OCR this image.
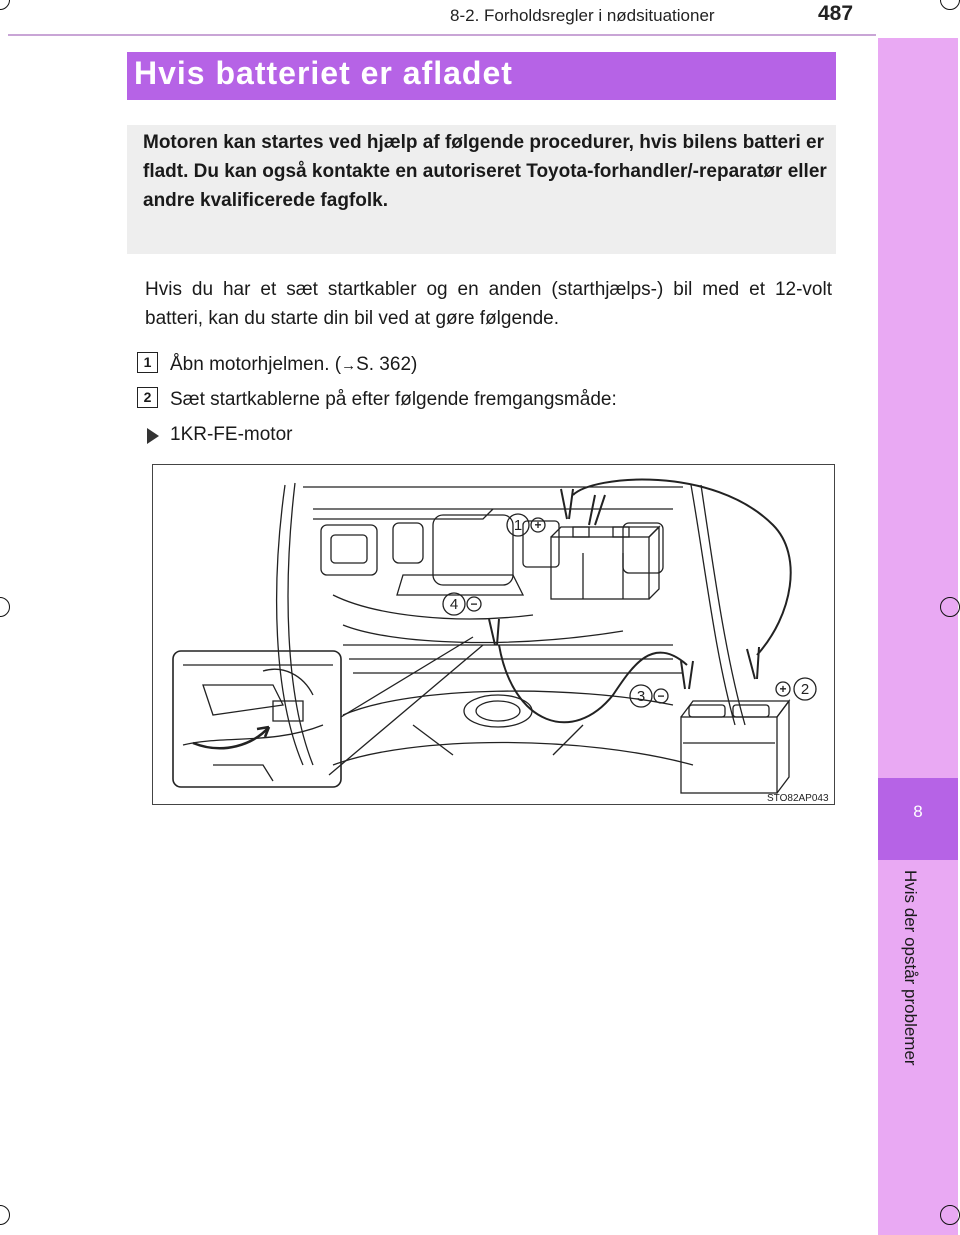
8-2. Forholdsregler i nødsituationer	487
8
Hvis der opstår problemer
Hvis batteriet er afladet
Motoren kan startes ved hjælp af følgende procedurer, hvis bilens batteri er fladt. Du kan også kontakte en autoriseret Toyota-forhandler/-reparatør eller andre kvalificerede fagfolk.
Hvis du har et sæt startkabler og en anden (starthjælps-) bil med et 12-volt batteri, kan du starte din bil ved at gøre følgende.
1 Åbn motorhjelmen. (→S. 362)
2 Sæt startkablerne på efter følgende fremgangsmåde:
1KR-FE-motor
1
2
3
4
+
+
−
−
STO82AP043
